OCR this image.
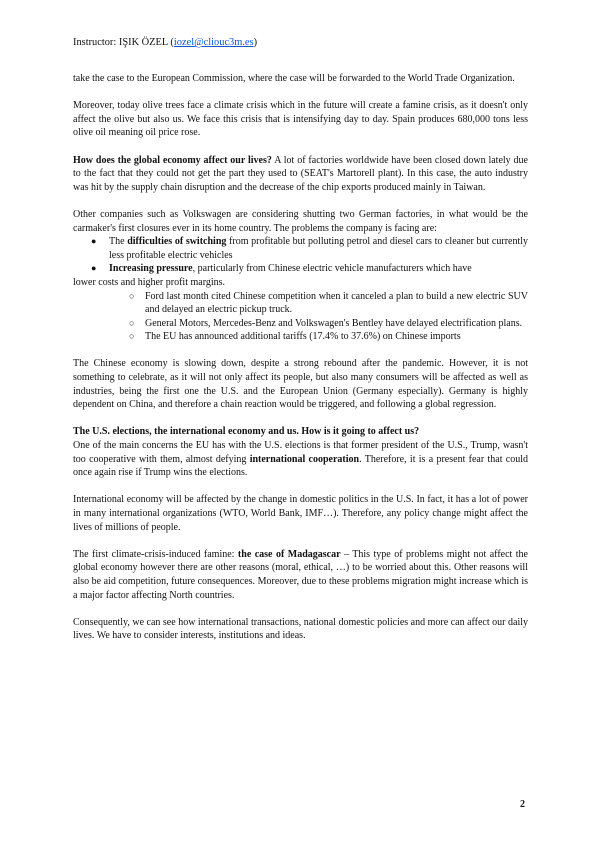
Instructor: IŞIK ÖZEL (iozel@cliouc3m.es)

take the case to the European Commission, where the case will be forwarded to the World Trade Organization.

Moreover, today olive trees face a climate crisis which in the future will create a famine crisis, as it doesn't only affect the olive but also us. We face this crisis that is intensifying day to day. Spain produces 680,000 tons less olive oil meaning oil price rose.

How does the global economy affect our lives? A lot of factories worldwide have been closed down lately due to the fact that they could not get the part they used to (SEAT's Martorell plant). In this case, the auto industry was hit by the supply chain disruption and the decrease of the chip exports produced mainly in Taiwan.

Other companies such as Volkswagen are considering shutting two German factories, in what would be the carmaker's first closures ever in its home country. The problems the company is facing are:

● The difficulties of switching from profitable but polluting petrol and diesel cars to cleaner but currently less profitable electric vehicles
● Increasing pressure, particularly from Chinese electric vehicle manufacturers which have
lower costs and higher profit margins.
○ Ford last month cited Chinese competition when it canceled a plan to build a new electric SUV and delayed an electric pickup truck.
○ General Motors, Mercedes-Benz and Volkswagen's Bentley have delayed electrification plans.
○ The EU has announced additional tariffs (17.4% to 37.6%) on Chinese imports

The Chinese economy is slowing down, despite a strong rebound after the pandemic. However, it is not something to celebrate, as it will not only affect its people, but also many consumers will be affected as well as industries, being the first one the U.S. and the European Union (Germany especially). Germany is highly dependent on China, and therefore a chain reaction would be triggered, and following a global regression.

The U.S. elections, the international economy and us. How is it going to affect us?
One of the main concerns the EU has with the U.S. elections is that former president of the U.S., Trump, wasn't too cooperative with them, almost defying international cooperation. Therefore, it is a present fear that could once again rise if Trump wins the elections.

International economy will be affected by the change in domestic politics in the U.S. In fact, it has a lot of power in many international organizations (WTO, World Bank, IMF…). Therefore, any policy change might affect the lives of millions of people.

The first climate-crisis-induced famine: the case of Madagascar – This type of problems might not affect the global economy however there are other reasons (moral, ethical, …) to be worried about this. Other reasons will also be aid competition, future consequences. Moreover, due to these problems migration might increase which is a major factor affecting North countries.

Consequently, we can see how international transactions, national domestic policies and more can affect our daily lives. We have to consider interests, institutions and ideas.

2
